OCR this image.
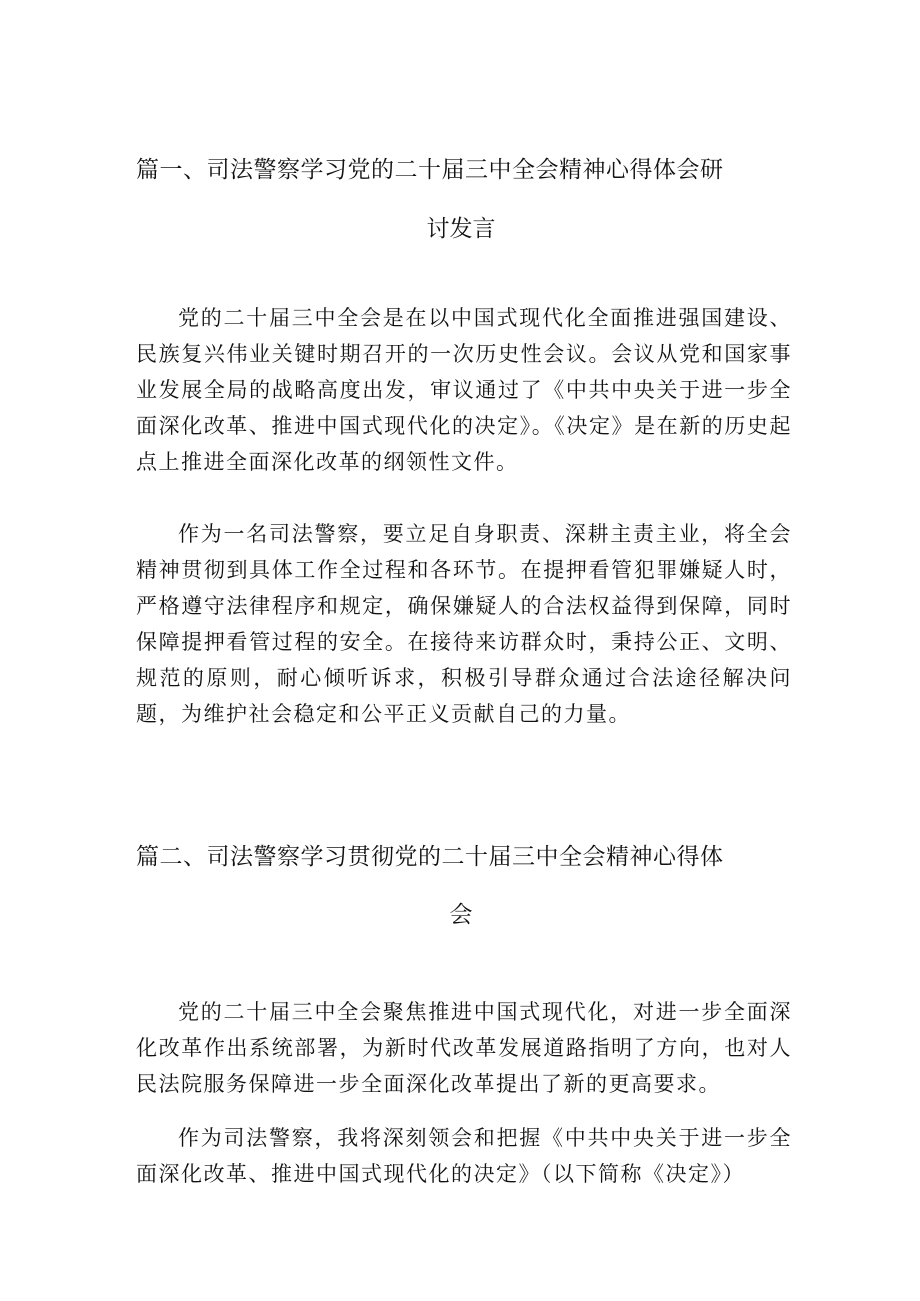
篇一、司法警察学习党的二十届三中全会精神心得体会研
讨发言

党的二十届三中全会是在以中国式现代化全面推进强国建设、民族复兴伟业关键时期召开的一次历史性会议。会议从党和国家事业发展全局的战略高度出发，审议通过了《中共中央关于进一步全面深化改革、推进中国式现代化的决定》。《决定》是在新的历史起点上推进全面深化改革的纲领性文件。

作为一名司法警察，要立足自身职责、深耕主责主业，将全会精神贯彻到具体工作全过程和各环节。在提押看管犯罪嫌疑人时，严格遵守法律程序和规定，确保嫌疑人的合法权益得到保障，同时保障提押看管过程的安全。在接待来访群众时，秉持公正、文明、规范的原则，耐心倾听诉求，积极引导群众通过合法途径解决问题，为维护社会稳定和公平正义贡献自己的力量。

篇二、司法警察学习贯彻党的二十届三中全会精神心得体
会

党的二十届三中全会聚焦推进中国式现代化，对进一步全面深化改革作出系统部署，为新时代改革发展道路指明了方向，也对人民法院服务保障进一步全面深化改革提出了新的更高要求。

作为司法警察，我将深刻领会和把握《中共中央关于进一步全面深化改革、推进中国式现代化的决定》（以下简称《决定》）
